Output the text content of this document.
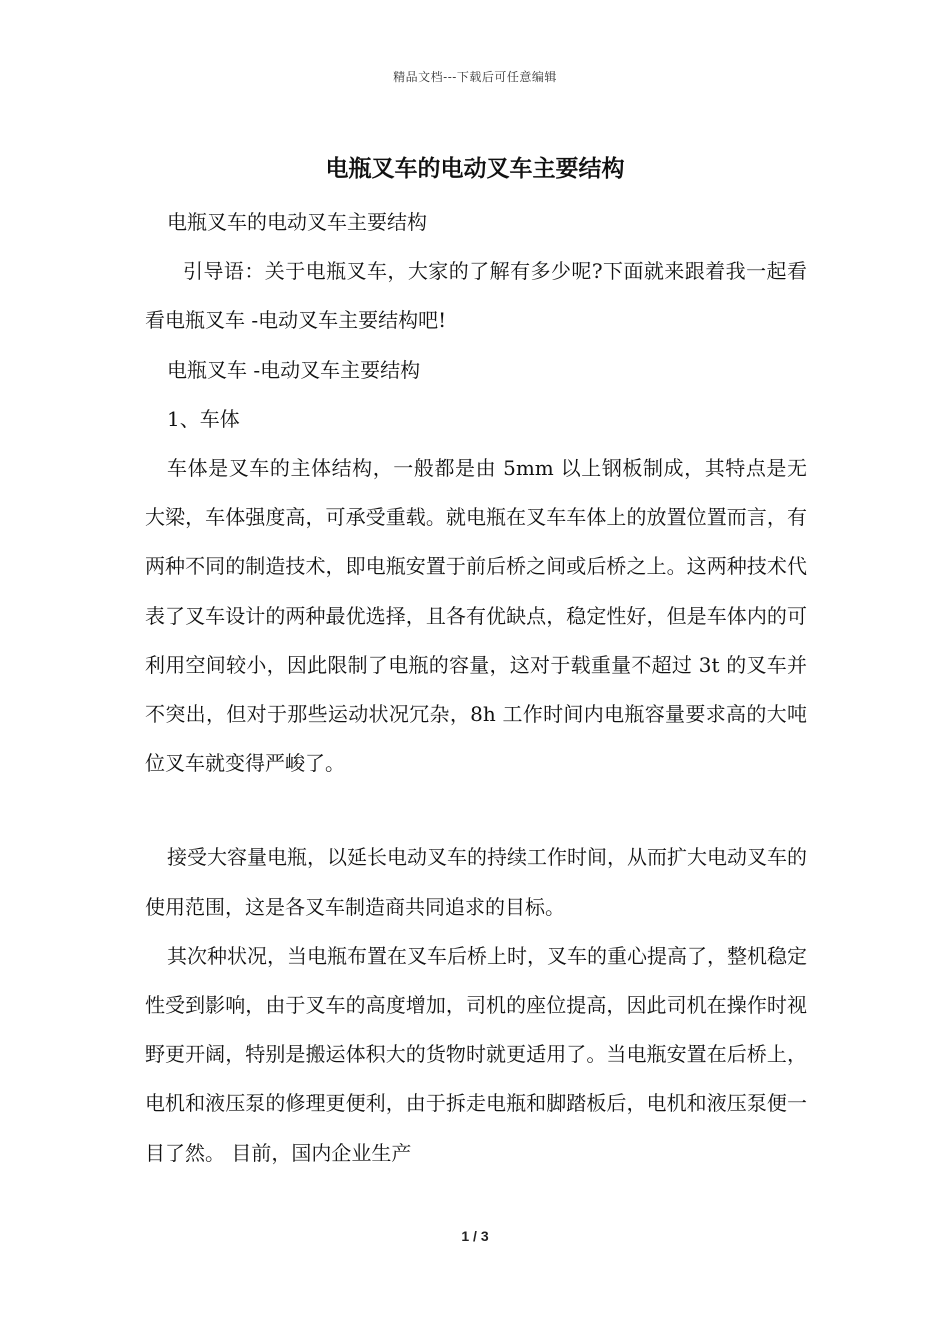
精品文档---下载后可任意编辑
电瓶叉车的电动叉车主要结构

电瓶叉车的电动叉车主要结构

引导语：关于电瓶叉车，大家的了解有多少呢?下面就来跟着我一起看看电瓶叉车 -电动叉车主要结构吧!

电瓶叉车 -电动叉车主要结构

1、车体

车体是叉车的主体结构，一般都是由 5mm 以上钢板制成，其特点是无大梁，车体强度高，可承受重载。就电瓶在叉车车体上的放置位置而言，有两种不同的制造技术，即电瓶安置于前后桥之间或后桥之上。这两种技术代表了叉车设计的两种最优选择，且各有优缺点，稳定性好，但是车体内的可利用空间较小，因此限制了电瓶的容量，这对于载重量不超过 3t 的叉车并不突出，但对于那些运动状况冗杂，8h 工作时间内电瓶容量要求高的大吨位叉车就变得严峻了。

接受大容量电瓶，以延长电动叉车的持续工作时间，从而扩大电动叉车的使用范围，这是各叉车制造商共同追求的目标。

其次种状况，当电瓶布置在叉车后桥上时，叉车的重心提高了，整机稳定性受到影响，由于叉车的高度增加，司机的座位提高，因此司机在操作时视野更开阔，特别是搬运体积大的货物时就更适用了。当电瓶安置在后桥上，电机和液压泵的修理更便利，由于拆走电瓶和脚踏板后，电机和液压泵便一目了然。 目前，国内企业生产

1 / 3
